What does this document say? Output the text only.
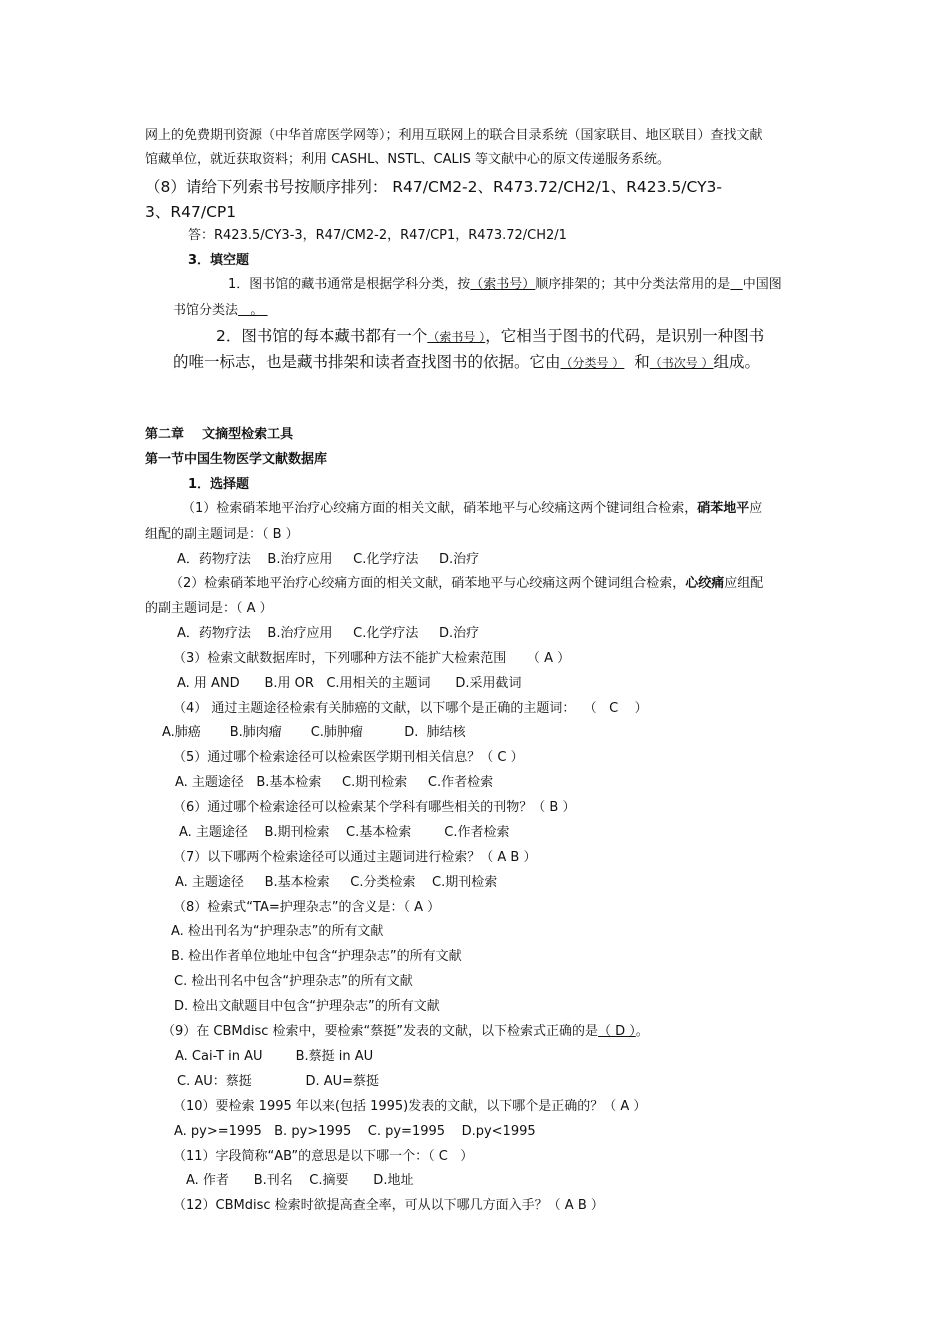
网上的免费期刊资源（中华首席医学网等）；利用互联网上的联合目录系统（国家联目、地区联目）查找文献
馆藏单位，就近获取资料；利用 CASHL、NSTL、CALIS 等文献中心的原文传递服务系统。
（8）请给下列索书号按顺序排列： R47/CM2-2、R473.72/CH2/1、R423.5/CY3-
3、R47/CP1
答：R423.5/CY3-3，R47/CM2-2，R47/CP1，R473.72/CH2/1
3．填空题
1．图书馆的藏书通常是根据学科分类，按（索书号）顺序排架的；其中分类法常用的是 中国图
书馆分类法   。
2．图书馆的每本藏书都有一个（索书号 ），它相当于图书的代码，是识别一种图书
的唯一标志，也是藏书排架和读者查找图书的依据。它由（分类号 ）  和（书次号 ）组成。
第二章    文摘型检索工具
第一节中国生物医学文献数据库
1．选择题
（1）检索硝苯地平治疗心绞痛方面的相关文献，硝苯地平与心绞痛这两个键词组合检索，硝苯地平应
组配的副主题词是：（ B ）
A．药物疗法    B.治疗应用     C.化学疗法     D.治疗
（2）检索硝苯地平治疗心绞痛方面的相关文献，硝苯地平与心绞痛这两个键词组合检索，心绞痛应组配
的副主题词是：（ A ）
A．药物疗法    B.治疗应用     C.化学疗法     D.治疗
（3）检索文献数据库时，下列哪种方法不能扩大检索范围     （ A ）
A. 用 AND      B.用 OR   C.用相关的主题词      D.采用截词
（4） 通过主题途径检索有关肺癌的文献，以下哪个是正确的主题词：  （   C    ）
A.肺癌       B.肺肉瘤       C.肺肿瘤          D.  肺结核
（5）通过哪个检索途径可以检索医学期刊相关信息？（ C ）
A. 主题途径   B.基本检索     C.期刊检索     C.作者检索
（6）通过哪个检索途径可以检索某个学科有哪些相关的刊物？（ B ）
A. 主题途径    B.期刊检索    C.基本检索        C.作者检索
（7）以下哪两个检索途径可以通过主题词进行检索？（ A B ）
A. 主题途径     B.基本检索     C.分类检索    C.期刊检索
（8）检索式“TA=护理杂志”的含义是：（ A ）
A. 检出刊名为“护理杂志”的所有文献
B. 检出作者单位地址中包含“护理杂志”的所有文献
C. 检出刊名中包含“护理杂志”的所有文献
D. 检出文献题目中包含“护理杂志”的所有文献
（9）在 CBMdisc 检索中，要检索“蔡挺”发表的文献，以下检索式正确的是（ D ）。
A. Cai-T in AU        B.蔡挺 in AU
C. AU：蔡挺             D. AU=蔡挺
（10）要检索 1995 年以来(包括 1995)发表的文献，以下哪个是正确的？（ A ）
A. py>=1995   B. py>1995    C. py=1995    D.py<1995
（11）字段简称“AB”的意思是以下哪一个：（ C   ）
A. 作者      B.刊名    C.摘要      D.地址
（12）CBMdisc 检索时欲提高查全率，可从以下哪几方面入手？（ A B ）
